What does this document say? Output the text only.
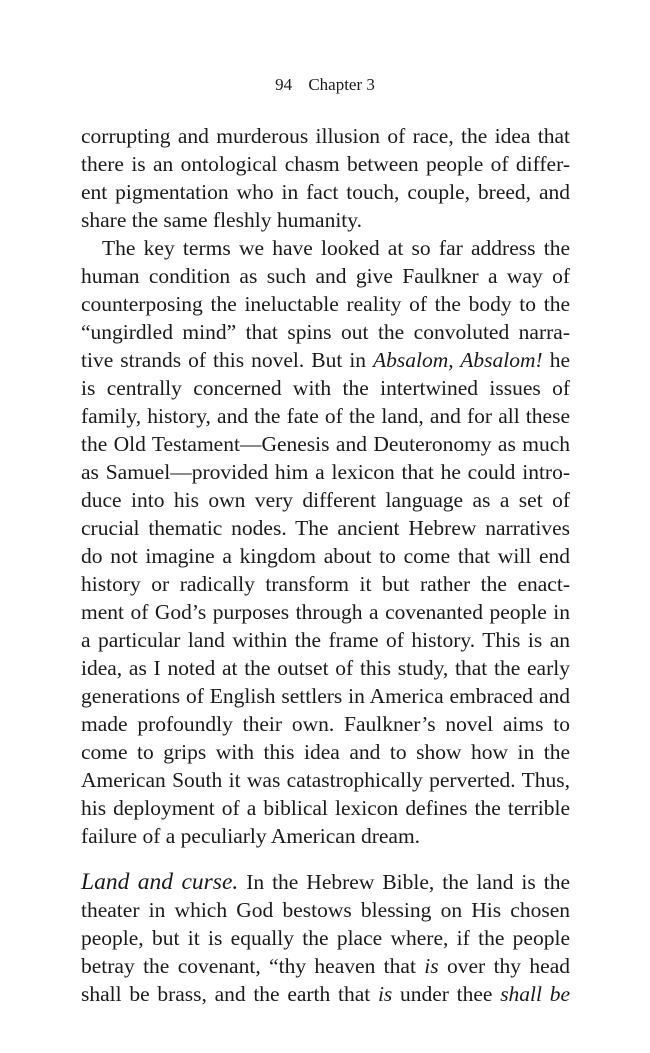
94 Chapter 3
corrupting and murderous illusion of race, the idea that
there is an ontological chasm between people of differ-
ent pigmentation who in fact touch, couple, breed, and
share the same fleshly humanity.
The key terms we have looked at so far address the
human condition as such and give Faulkner a way of
counterposing the ineluctable reality of the body to the
“ungirdled mind” that spins out the convoluted narra-
tive strands of this novel. But in Absalom, Absalom! he
is centrally concerned with the intertwined issues of
family, history, and the fate of the land, and for all these
the Old Testament—Genesis and Deuteronomy as much
as Samuel—provided him a lexicon that he could intro-
duce into his own very different language as a set of
crucial thematic nodes. The ancient Hebrew narratives
do not imagine a kingdom about to come that will end
history or radically transform it but rather the enact-
ment of God’s purposes through a covenanted people in
a particular land within the frame of history. This is an
idea, as I noted at the outset of this study, that the early
generations of English settlers in America embraced and
made profoundly their own. Faulkner’s novel aims to
come to grips with this idea and to show how in the
American South it was catastrophically perverted. Thus,
his deployment of a biblical lexicon defines the terrible
failure of a peculiarly American dream.
Land and curse. In the Hebrew Bible, the land is the
theater in which God bestows blessing on His chosen
people, but it is equally the place where, if the people
betray the covenant, “thy heaven that is over thy head
shall be brass, and the earth that is under thee shall be
